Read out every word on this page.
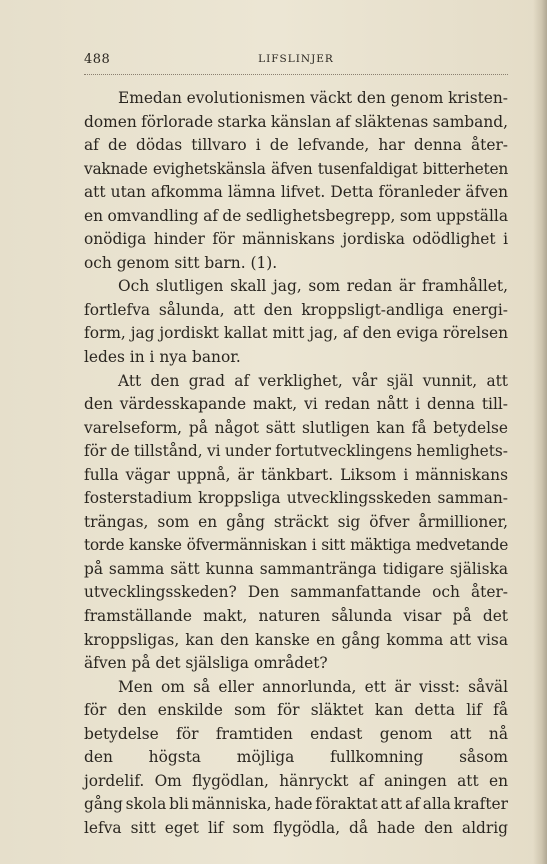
488	LIFSLINJER
Emedan evolutionismen väckt den genom kristen-
domen förlorade starka känslan af släktenas samband,
af de dödas tillvaro i de lefvande, har denna åter-
vaknade evighetskänsla äfven tusenfaldigat bitterheten
att utan afkomma lämna lifvet. Detta föranleder äfven
en omvandling af de sedlighetsbegrepp, som uppställa
onödiga hinder för människans jordiska odödlighet i
och genom sitt barn. (1).
Och slutligen skall jag, som redan är framhållet,
fortlefva sålunda, att den kroppsligt-andliga energi-
form, jag jordiskt kallat mitt jag, af den eviga rörelsen
ledes in i nya banor.
Att den grad af verklighet, vår själ vunnit, att
den värdesskapande makt, vi redan nått i denna till-
varelseform, på något sätt slutligen kan få betydelse
för de tillstånd, vi under fortutvecklingens hemlighets-
fulla vägar uppnå, är tänkbart. Liksom i människans
fosterstadium kroppsliga utvecklingsskeden samman-
trängas, som en gång sträckt sig öfver årmillioner,
torde kanske öfvermänniskan i sitt mäktiga medvetande
på samma sätt kunna sammantränga tidigare själiska
utvecklingsskeden? Den sammanfattande och åter-
framställande makt, naturen sålunda visar på det
kroppsligas, kan den kanske en gång komma att visa
äfven på det själsliga området?
Men om så eller annorlunda, ett är visst: såväl
för den enskilde som för släktet kan detta lif få
betydelse för framtiden endast genom att nå
den högsta möjliga fullkomning såsom
jordelif. Om flygödlan, hänryckt af aningen att en
gång skola bli människa, hade föraktat att af alla krafter
lefva sitt eget lif som flygödla, då hade den aldrig
